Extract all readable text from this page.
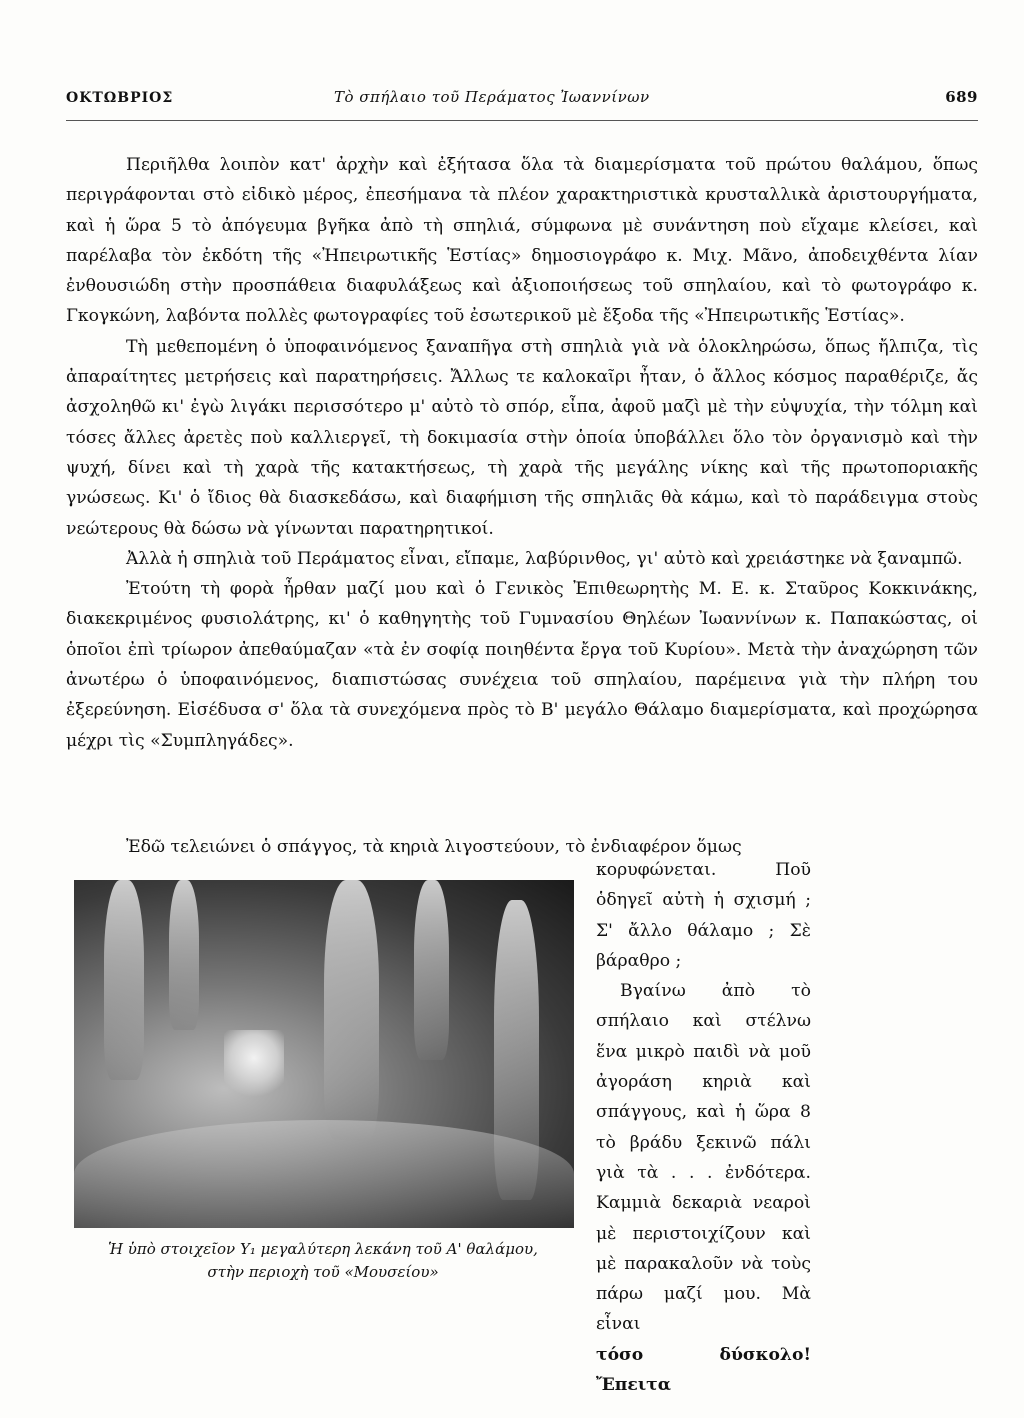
ΟΚΤΩΒΡΙΟΣ	Τὸ σπήλαιο τοῦ Περάματος Ἰωαννίνων	689

Περιῆλθα λοιπὸν κατ' ἀρχὴν καὶ ἐξήτασα ὅλα τὰ διαμερίσματα τοῦ πρώτου θαλάμου, ὅπως περιγράφονται στὸ εἰδικὸ μέρος, ἐπεσήμανα τὰ πλέον χαρακτηριστικὰ κρυσταλλικὰ ἀριστουργήματα, καὶ ἡ ὥρα 5 τὸ ἀπόγευμα βγῆκα ἀπὸ τὴ σπηλιά, σύμφωνα μὲ συνάντηση ποὺ εἴχαμε κλείσει, καὶ παρέλαβα τὸν ἐκδότη τῆς «Ἠπειρωτικῆς Ἑστίας» δημοσιογράφο κ. Μιχ. Μᾶνο, ἀποδειχθέντα λίαν ἐνθουσιώδη στὴν προσπάθεια διαφυλάξεως καὶ ἀξιοποιήσεως τοῦ σπηλαίου, καὶ τὸ φωτογράφο κ. Γκογκώνη, λαβόντα πολλὲς φωτογραφίες τοῦ ἐσωτερικοῦ μὲ ἔξοδα τῆς «Ἠπειρωτικῆς Ἑστίας».

Τὴ μεθεπομένη ὁ ὑποφαινόμενος ξαναπῆγα στὴ σπηλιὰ γιὰ νὰ ὁλοκληρώσω, ὅπως ἤλπιζα, τὶς ἀπαραίτητες μετρήσεις καὶ παρατηρήσεις. Ἄλλως τε καλοκαῖρι ἦταν, ὁ ἄλλος κόσμος παραθέριζε, ἄς ἀσχοληθῶ κι' ἐγὼ λιγάκι περισσότερο μ' αὐτὸ τὸ σπόρ, εἶπα, ἀφοῦ μαζὶ μὲ τὴν εὐψυχία, τὴν τόλμη καὶ τόσες ἄλλες ἀρετὲς ποὺ καλλιεργεῖ, τὴ δοκιμασία στὴν ὁποία ὑποβάλλει ὅλο τὸν ὀργανισμὸ καὶ τὴν ψυχή, δίνει καὶ τὴ χαρὰ τῆς κατακτήσεως, τὴ χαρὰ τῆς μεγάλης νίκης καὶ τῆς πρωτοποριακῆς γνώσεως. Κι' ὁ ἴδιος θὰ διασκεδάσω, καὶ διαφήμιση τῆς σπηλιᾶς θὰ κάμω, καὶ τὸ παράδειγμα στοὺς νεώτερους θὰ δώσω νὰ γίνωνται παρατηρητικοί.

Ἀλλὰ ἡ σπηλιὰ τοῦ Περάματος εἶναι, εἴπαμε, λαβύρινθος, γι' αὐτὸ καὶ χρειάστηκε νὰ ξαναμπῶ.

Ἐτούτη τὴ φορὰ ἦρθαν μαζί μου καὶ ὁ Γενικὸς Ἐπιθεωρητὴς Μ. Ε. κ. Σταῦρος Κοκκινάκης, διακεκριμένος φυσιολάτρης, κι' ὁ καθηγητὴς τοῦ Γυμνασίου Θηλέων Ἰωαννίνων κ. Παπακώστας, οἱ ὁποῖοι ἐπὶ τρίωρον ἀπεθαύμαζαν «τὰ ἐν σοφίᾳ ποιηθέντα ἔργα τοῦ Κυρίου». Μετὰ τὴν ἀναχώρηση τῶν ἀνωτέρω ὁ ὑποφαινόμενος, διαπιστώσας συνέχεια τοῦ σπηλαίου, παρέμεινα γιὰ τὴν πλήρη του ἐξερεύνηση. Εἰσέδυσα σ' ὅλα τὰ συνεχόμενα πρὸς τὸ Β' μεγάλο Θάλαμο διαμερίσματα, καὶ προχώρησα μέχρι τὶς «Συμπληγάδες».

Ἐδῶ τελειώνει ὁ σπάγγος, τὰ κηριὰ λιγοστεύουν, τὸ ἐνδιαφέρον ὅμως

Ἡ ὑπὸ στοιχεῖον Υ₁ μεγαλύτερη λεκάνη τοῦ Α' θαλάμου,
στὴν περιοχὴ τοῦ «Μουσείου»

κορυφώνεται. Ποῦ ὁδηγεῖ αὐτὴ ἡ σχισμή ; Σ' ἄλλο θάλαμο ; Σὲ βάραθρο ;

Βγαίνω ἀπὸ τὸ σπήλαιο καὶ στέλνω ἕνα μικρὸ παιδὶ νὰ μοῦ ἀγοράση κηριὰ καὶ σπάγγους, καὶ ἡ ὥρα 8 τὸ βράδυ ξεκινῶ πάλι γιὰ τὰ . . . ἐνδότερα. Καμμιὰ δεκαριὰ νεαροὶ μὲ περιστοιχίζουν καὶ μὲ παρακαλοῦν νὰ τοὺς πάρω μαζί μου. Μὰ εἶναι

τόσο δύσκολο! Ἔπειτα
